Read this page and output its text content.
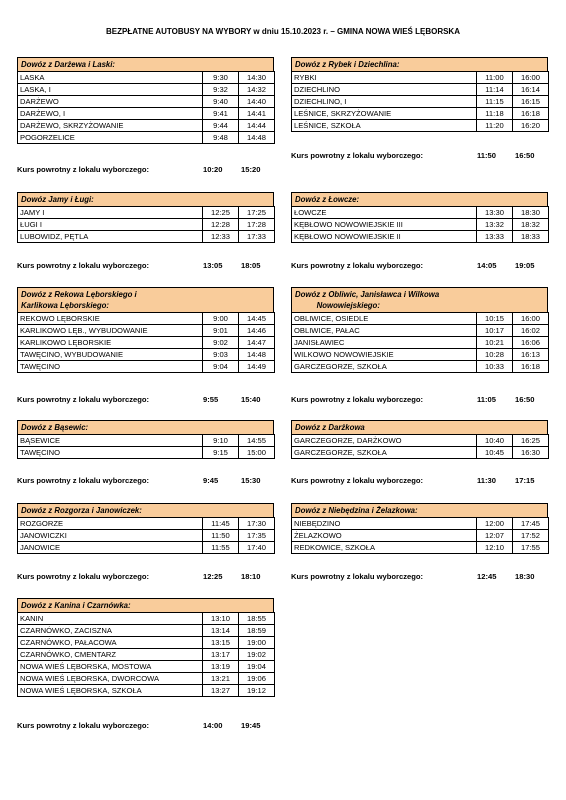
BEZPŁATNE AUTOBUSY NA WYBORY w dniu 15.10.2023 r. – GMINA NOWA WIEŚ LĘBORSKA
Dowóz z Darżewa i Laski:
LASKA	9:30	14:30
LASKA, I	9:32	14:32
DARŻEWO	9:40	14:40
DARŻEWO, I	9:41	14:41
DARŻEWO, SKRZYŻOWANIE	9:44	14:44
POGORZELICE	9:48	14:48
Kurs powrotny z lokalu wyborczego:	10:20 15:20
Dowóz z Rybek i Dziechlina:
RYBKI	11:00	16:00
DZIECHLINO	11:14	16:14
DZIECHLINO, I	11:15	16:15
LEŚNICE, SKRZYŻOWANIE	11:18	16:18
LEŚNICE, SZKOŁA	11:20	16:20
Kurs powrotny z lokalu wyborczego:	11:50 16:50
Dowóz Jamy i Ługi:
JAMY I	12:25	17:25
ŁUGI I	12:28	17:28
LUBOWIDZ, PĘTLA	12:33	17:33
Kurs powrotny z lokalu wyborczego:	13:05 18:05
Dowóz z Łowcze:
ŁOWCZE	13:30	18:30
KĘBŁOWO NOWOWIEJSKIE III	13:32	18:32
KĘBŁOWO NOWOWIEJSKIE II	13:33	18:33
Kurs powrotny z lokalu wyborczego:	14:05 19:05
Dowóz z Rekowa Lęborskiego i
Karlikowa Lęborskiego:
REKOWO LĘBORSKIE	9:00	14:45
KARLIKOWO LĘB., WYBUDOWANIE	9:01	14:46
KARLIKOWO LĘBORSKIE	9:02	14:47
TAWĘCINO, WYBUDOWANIE	9:03	14:48
TAWĘCINO	9:04	14:49
Kurs powrotny z lokalu wyborczego:	9:55	15:40
Dowóz z Obliwic, Janisławca i Wilkowa
Nowowiejskiego:
OBLIWICE, OSIEDLE	10:15	16:00
OBLIWICE, PAŁAC	10:17	16:02
JANISŁAWIEC	10:21	16:06
WILKOWO NOWOWIEJSKIE	10:28	16:13
GARCZEGORZE, SZKOŁA	10:33	16:18
Kurs powrotny z lokalu wyborczego:	11:05 16:50
Dowóz z Bąsewic:
BĄSEWICE	9:10	14:55
TAWĘCINO	9:15	15:00
Kurs powrotny z lokalu wyborczego:	9:45	15:30
Dowóz z Darżkowa
GARCZEGORZE, DARŻKOWO	10:40	16:25
GARCZEGORZE, SZKOŁA	10:45	16:30
Kurs powrotny z lokalu wyborczego:	11:30 17:15
Dowóz z Rozgorza i Janowiczek:
ROZGORZE	11:45	17:30
JANOWICZKI	11:50	17:35
JANOWICE	11:55	17:40
Kurs powrotny z lokalu wyborczego:	12:25 18:10
Dowóz z Niebędzina i Żelazkowa:
NIEBĘDZINO	12:00	17:45
ŻELAZKOWO	12:07	17:52
REDKOWICE, SZKOŁA	12:10	17:55
Kurs powrotny z lokalu wyborczego:	12:45 18:30
Dowóz z Kanina i Czarnówka:
KANIN	13:10	18:55
CZARNÓWKO, ZACISZNA	13:14	18:59
CZARNÓWKO, PAŁACOWA	13:15	19:00
CZARNÓWKO, CMENTARZ	13:17	19:02
NOWA WIEŚ LĘBORSKA, MOSTOWA	13:19	19:04
NOWA WIEŚ LĘBORSKA, DWORCOWA	13:21	19:06
NOWA WIEŚ LĘBORSKA, SZKOŁA	13:27	19:12
Kurs powrotny z lokalu wyborczego:	14:00 19:45
